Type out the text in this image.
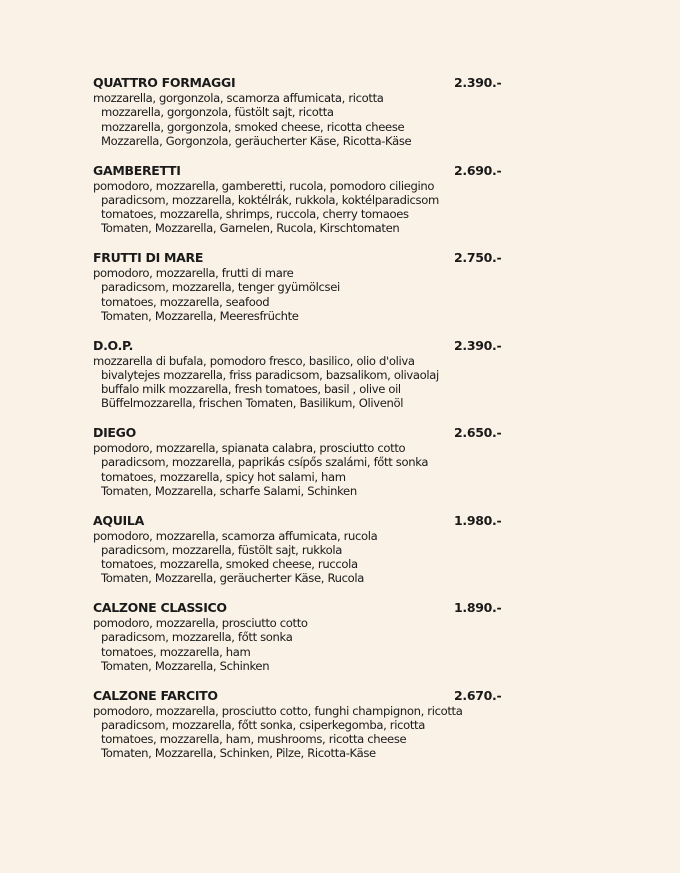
QUATTRO FORMAGGI	2.390.-
mozzarella, gorgonzola, scamorza affumicata, ricotta
mozzarella, gorgonzola, füstölt sajt, ricotta
mozzarella, gorgonzola, smoked cheese, ricotta cheese
Mozzarella, Gorgonzola, geräucherter Käse, Ricotta-Käse
GAMBERETTI	2.690.-
pomodoro, mozzarella, gamberetti, rucola, pomodoro ciliegino
paradicsom, mozzarella, koktélrák, rukkola, koktélparadicsom
tomatoes, mozzarella, shrimps, ruccola, cherry tomaoes
Tomaten, Mozzarella, Garnelen, Rucola, Kirschtomaten
FRUTTI DI MARE	2.750.-
pomodoro, mozzarella, frutti di mare
paradicsom, mozzarella, tenger gyümölcsei
tomatoes, mozzarella, seafood
Tomaten, Mozzarella, Meeresfrüchte
D.O.P.	2.390.-
mozzarella di bufala, pomodoro fresco, basilico, olio d'oliva
bivalytejes mozzarella, friss paradicsom, bazsalikom, olivaolaj
buffalo milk mozzarella, fresh tomatoes, basil , olive oil
Büffelmozzarella, frischen Tomaten, Basilikum, Olivenöl
DIEGO	2.650.-
pomodoro, mozzarella, spianata calabra, prosciutto cotto
paradicsom, mozzarella, paprikás csípős szalámi, főtt sonka
tomatoes, mozzarella, spicy hot salami, ham
Tomaten, Mozzarella, scharfe Salami, Schinken
AQUILA	1.980.-
pomodoro, mozzarella, scamorza affumicata, rucola
paradicsom, mozzarella, füstölt sajt, rukkola
tomatoes, mozzarella, smoked cheese, ruccola
Tomaten, Mozzarella, geräucherter Käse, Rucola
CALZONE CLASSICO	1.890.-
pomodoro, mozzarella, prosciutto cotto
paradicsom, mozzarella, főtt sonka
tomatoes, mozzarella, ham
Tomaten, Mozzarella, Schinken
CALZONE FARCITO	2.670.-
pomodoro, mozzarella, prosciutto cotto, funghi champignon, ricotta
paradicsom, mozzarella, főtt sonka, csiperkegomba, ricotta
tomatoes, mozzarella, ham, mushrooms, ricotta cheese
Tomaten, Mozzarella, Schinken, Pilze, Ricotta-Käse
